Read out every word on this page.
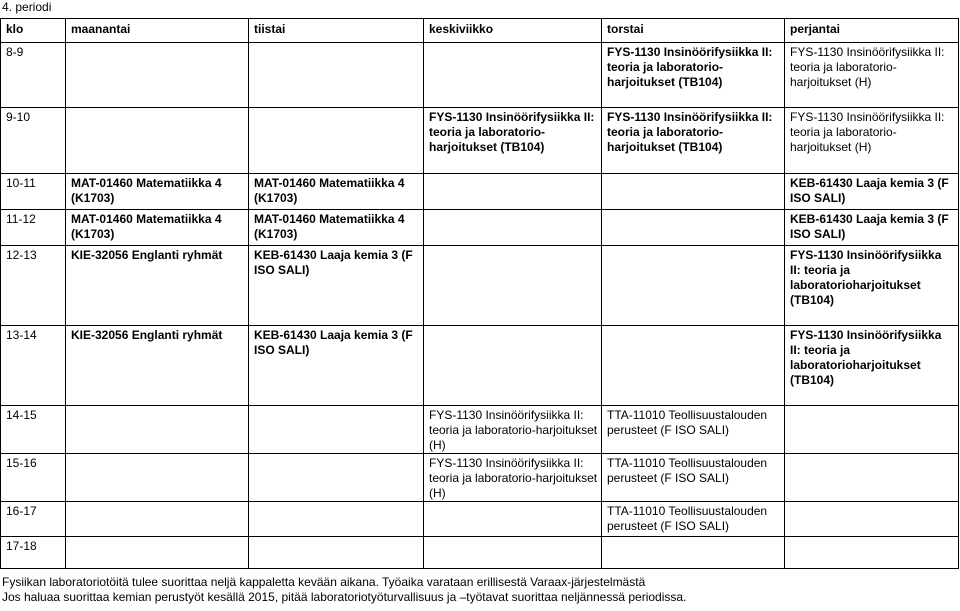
4. periodi
klo	maanantai	tiistai	keskiviikko	torstai	perjantai
8-9				FYS-1130 Insinöörifysiikka II: teoria ja laboratorio-harjoitukset (TB104)	FYS-1130 Insinöörifysiikka II: teoria ja laboratorio-harjoitukset (H)
9-10			FYS-1130 Insinöörifysiikka II: teoria ja laboratorio-harjoitukset (TB104)	FYS-1130 Insinöörifysiikka II: teoria ja laboratorio-harjoitukset (TB104)	FYS-1130 Insinöörifysiikka II: teoria ja laboratorio-harjoitukset (H)
10-11	MAT-01460 Matematiikka 4 (K1703)	MAT-01460 Matematiikka 4 (K1703)			KEB-61430 Laaja kemia 3 (F ISO SALI)
11-12	MAT-01460 Matematiikka 4 (K1703)	MAT-01460 Matematiikka 4 (K1703)			KEB-61430 Laaja kemia 3 (F ISO SALI)
12-13	KIE-32056 Englanti ryhmät	KEB-61430 Laaja kemia 3 (F ISO SALI)			FYS-1130 Insinöörifysiikka II: teoria ja laboratorioharjoitukset (TB104)
13-14	KIE-32056 Englanti ryhmät	KEB-61430 Laaja kemia 3 (F ISO SALI)			FYS-1130 Insinöörifysiikka II: teoria ja laboratorioharjoitukset (TB104)
14-15			FYS-1130 Insinöörifysiikka II: teoria ja laboratorio-harjoitukset (H)	TTA-11010 Teollisuustalouden perusteet (F ISO SALI)	
15-16			FYS-1130 Insinöörifysiikka II: teoria ja laboratorio-harjoitukset (H)	TTA-11010 Teollisuustalouden perusteet (F ISO SALI)	
16-17				TTA-11010 Teollisuustalouden perusteet (F ISO SALI)	
17-18					
Fysiikan laboratoriotöitä tulee suorittaa neljä kappaletta kevään aikana. Työaika varataan erillisestä Varaax-järjestelmästä
Jos haluaa suorittaa kemian perustyöt kesällä 2015, pitää laboratoriotyöturvallisuus ja –työtavat suorittaa neljännessä periodissa.
